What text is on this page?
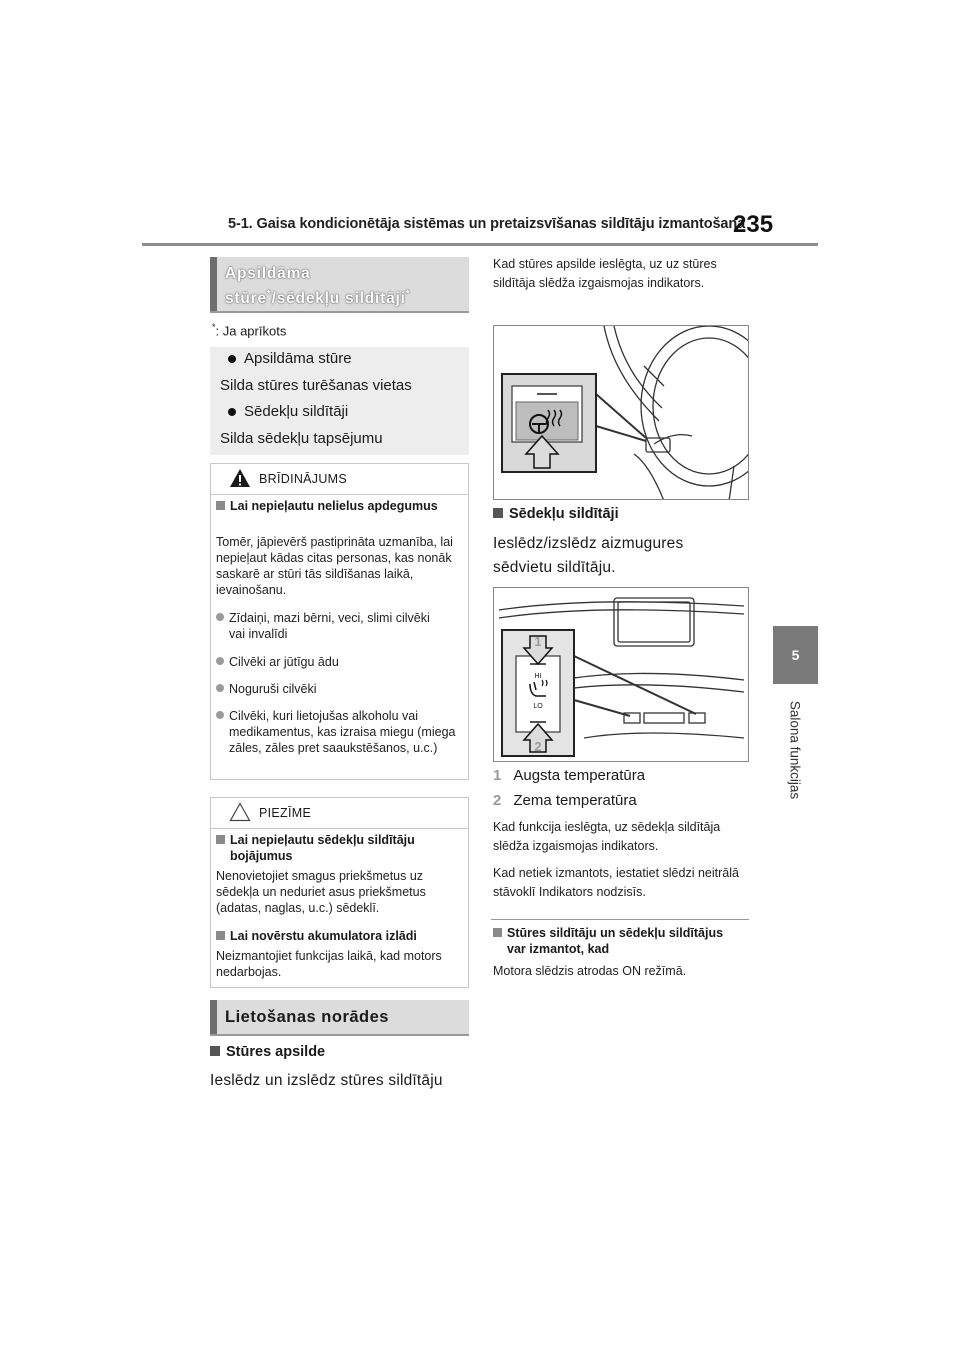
5-1. Gaisa kondicionētāja sistēmas un pretaizsvīšanas sildītāju izmantošana
235
5
Salona funkcijas
Apsildāma
stūre*/sēdekļu sildītāji*
*: Ja aprīkots
Apsildāma stūre
Silda stūres turēšanas vietas
Sēdekļu sildītāji
Silda sēdekļu tapsējumu
BRĪDINĀJUMS
Lai nepieļautu nelielus apdegumus
Tomēr, jāpievērš pastiprināta uzmanība, lai nepieļaut kādas citas personas, kas nonāk saskarē ar stūri tās sildīšanas laikā, ievainošanu.
Zīdaiņi, mazi bērni, veci, slimi cilvēki vai invalīdi
Cilvēki ar jūtīgu ādu
Noguruši cilvēki
Cilvēki, kuri lietojušas alkoholu vai medikamentus, kas izraisa miegu (miega zāles, zāles pret saaukstēšanos, u.c.)
PIEZĪME
Lai nepieļautu sēdekļu sildītāju bojājumus
Nenovietojiet smagus priekšmetus uz sēdekļa un neduriet asus priekšmetus (adatas, naglas, u.c.) sēdeklī.
Lai novērstu akumulatora izlādi
Neizmantojiet funkcijas laikā, kad motors nedarbojas.
Lietošanas norādes
Stūres apsilde
Ieslēdz un izslēdz stūres sildītāju
Kad stūres apsilde ieslēgta, uz uz stūres sildītāja slēdža izgaismojas indikators.
Sēdekļu sildītāji
Ieslēdz/izslēdz aizmugures sēdvietu sildītāju.
HI
LO
1
2
1 Augsta temperatūra
2 Zema temperatūra
Kad funkcija ieslēgta, uz sēdekļa sildītāja slēdža izgaismojas indikators.
Kad netiek izmantots, iestatiet slēdzi neitrālā stāvoklī Indikators nodzisīs.
Stūres sildītāju un sēdekļu sildītājus var izmantot, kad
Motora slēdzis atrodas ON režīmā.
